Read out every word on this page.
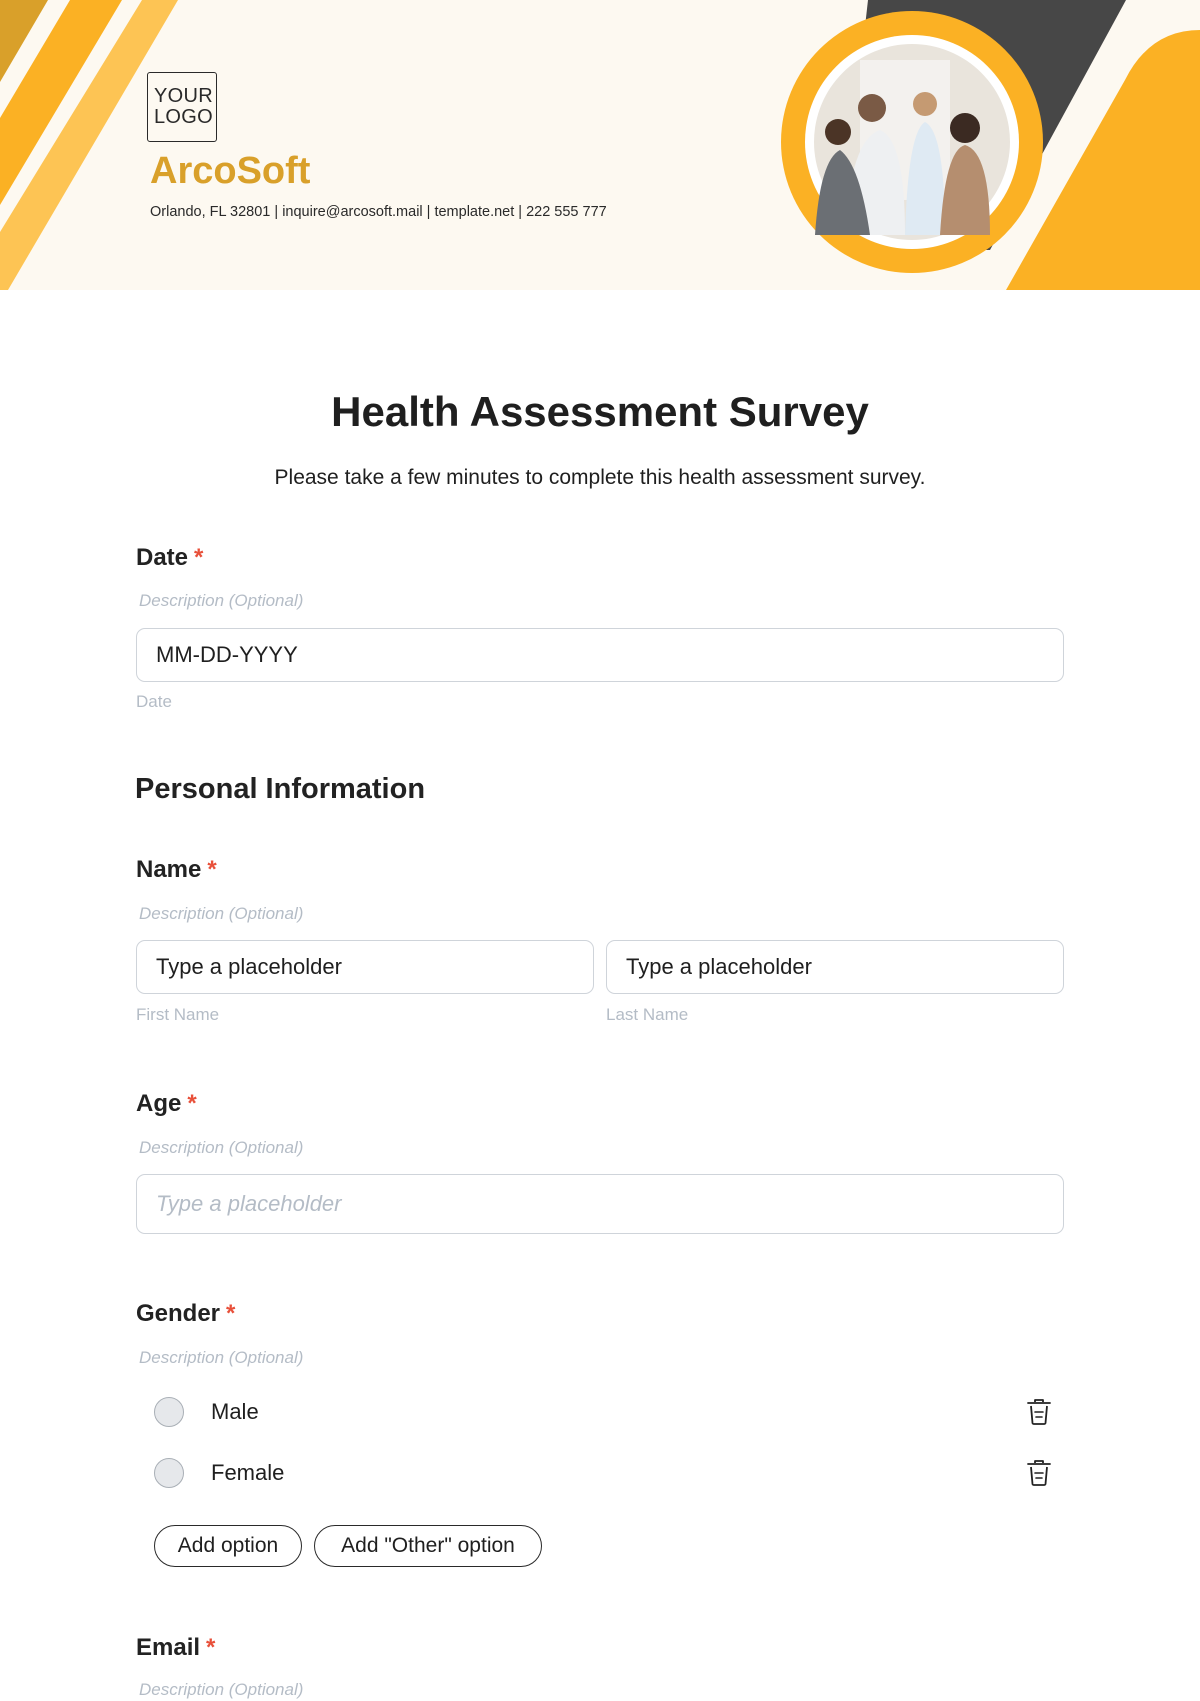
YOUR
LOGO
ArcoSoft
Orlando, FL 32801 | inquire@arcosoft.mail | template.net | 222 555 777
Health Assessment Survey
Please take a few minutes to complete this health assessment survey.
Date *
Description (Optional)
MM-DD-YYYY
Date
Personal Information
Name *
Description (Optional)
Type a placeholder	Type a placeholder
First Name	Last Name
Age *
Description (Optional)
Type a placeholder
Gender *
Description (Optional)
Male
Female
Add option	Add "Other" option
Email *
Description (Optional)
